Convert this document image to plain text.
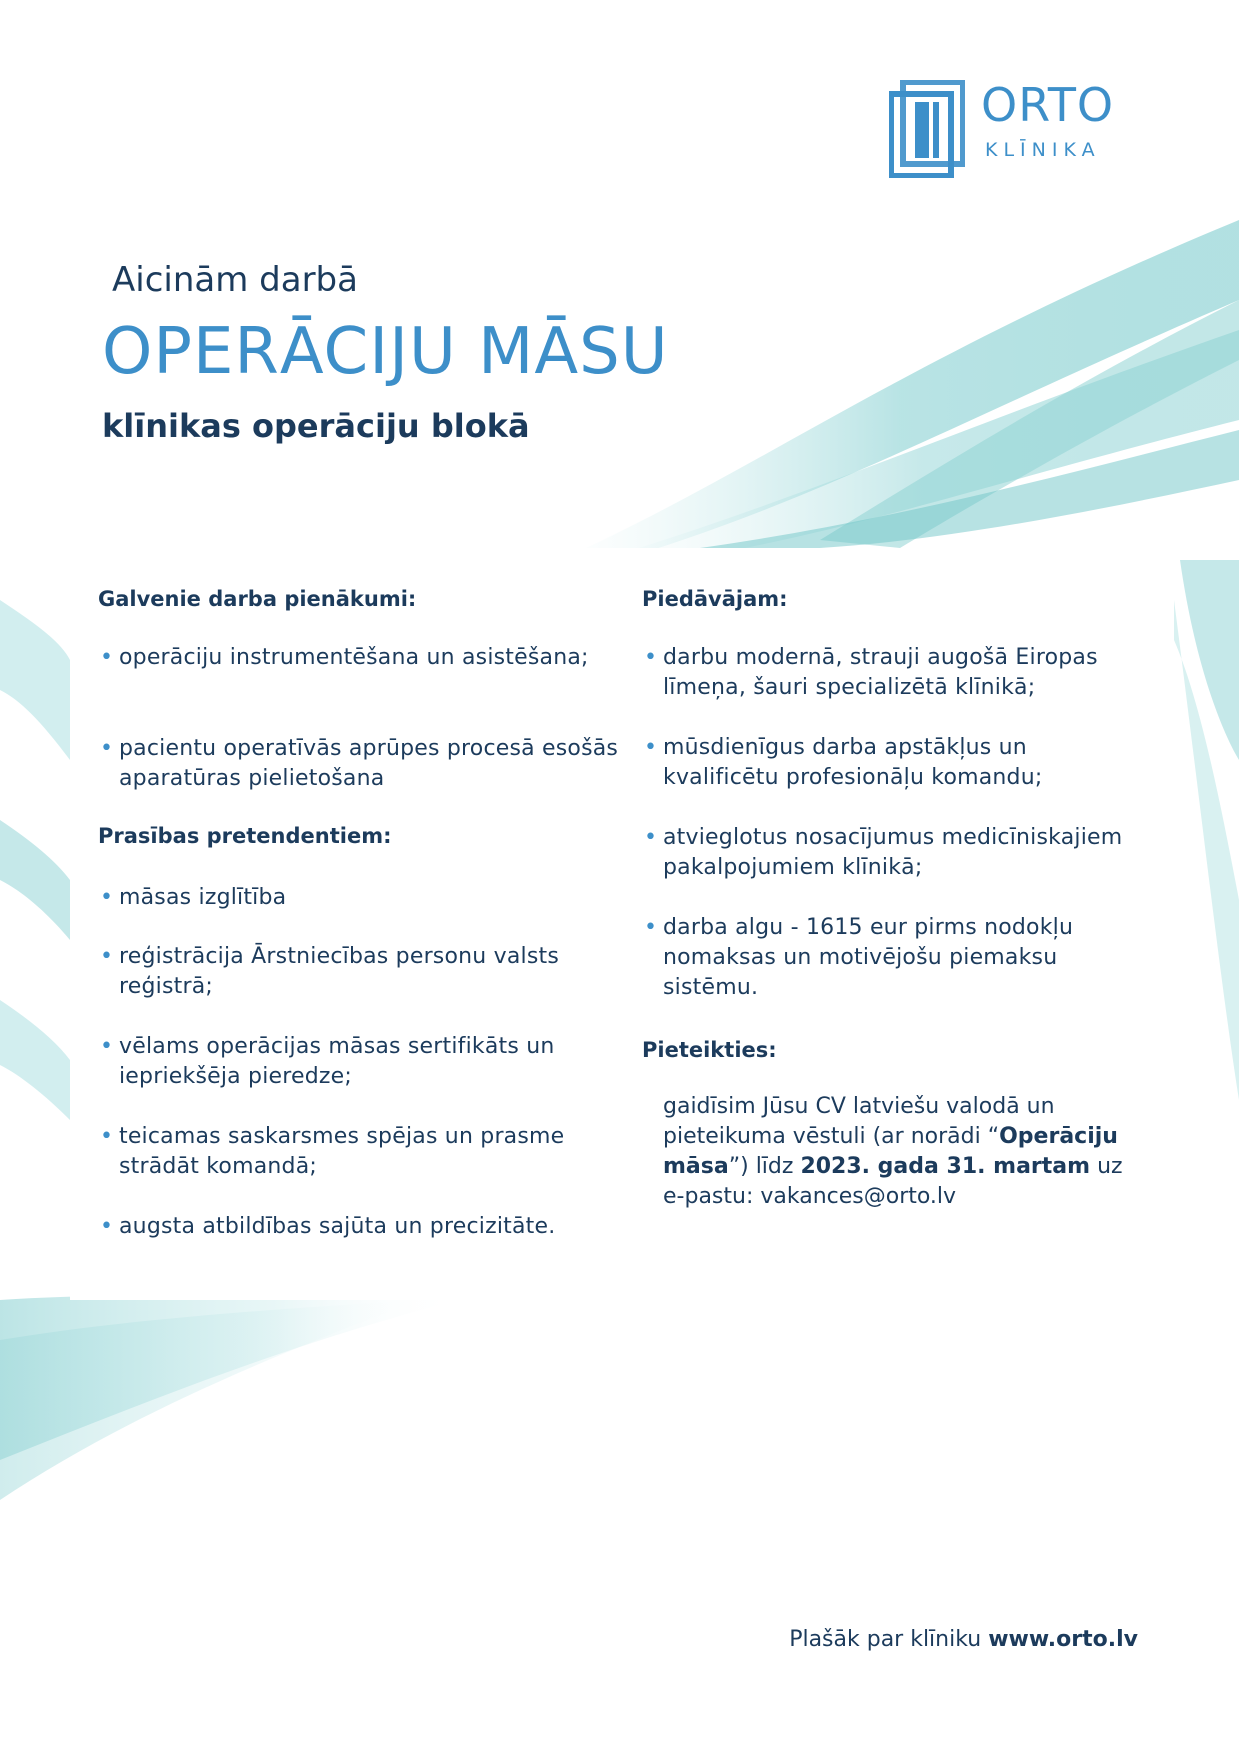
ORTO
KLĪNIKA
Aicinām darbā
OPERĀCIJU MĀSU
klīnikas operāciju blokā
Galvenie darba pienākumi:
• operāciju instrumentēšana un asistēšana;
• pacientu operatīvās aprūpes procesā esošās aparatūras pielietošana
Prasības pretendentiem:
• māsas izglītība
• reģistrācija Ārstniecības personu valsts reģistrā;
• vēlams operācijas māsas sertifikāts un iepriekšēja pieredze;
• teicamas saskarsmes spējas un prasme strādāt komandā;
• augsta atbildības sajūta un precizitāte.
Piedāvājam:
• darbu modernā, strauji augošā Eiropas līmeņa, šauri specializētā klīnikā;
• mūsdienīgus darba apstākļus un kvalificētu profesionāļu komandu;
• atvieglotus nosacījumus medicīniskajiem pakalpojumiem klīnikā;
• darba algu - 1615 eur pirms nodokļu nomaksas un motivējošu piemaksu sistēmu.
Pieteikties:
gaidīsim Jūsu CV latviešu valodā un pieteikuma vēstuli (ar norādi “Operāciju māsa”) līdz 2023. gada 31. martam uz e-pastu: vakances@orto.lv
Plašāk par klīniku www.orto.lv
